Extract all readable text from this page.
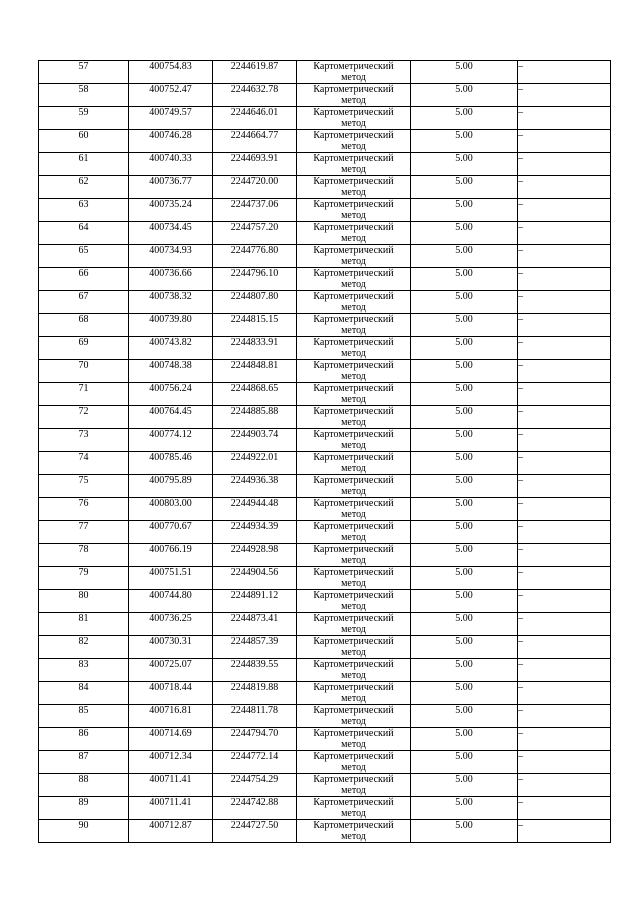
57	400754.83	2244619.87	Картометрический
метод	5.00	–
58	400752.47	2244632.78	Картометрический
метод	5.00	–
59	400749.57	2244646.01	Картометрический
метод	5.00	–
60	400746.28	2244664.77	Картометрический
метод	5.00	–
61	400740.33	2244693.91	Картометрический
метод	5.00	–
62	400736.77	2244720.00	Картометрический
метод	5.00	–
63	400735.24	2244737.06	Картометрический
метод	5.00	–
64	400734.45	2244757.20	Картометрический
метод	5.00	–
65	400734.93	2244776.80	Картометрический
метод	5.00	–
66	400736.66	2244796.10	Картометрический
метод	5.00	–
67	400738.32	2244807.80	Картометрический
метод	5.00	–
68	400739.80	2244815.15	Картометрический
метод	5.00	–
69	400743.82	2244833.91	Картометрический
метод	5.00	–
70	400748.38	2244848.81	Картометрический
метод	5.00	–
71	400756.24	2244868.65	Картометрический
метод	5.00	–
72	400764.45	2244885.88	Картометрический
метод	5.00	–
73	400774.12	2244903.74	Картометрический
метод	5.00	–
74	400785.46	2244922.01	Картометрический
метод	5.00	–
75	400795.89	2244936.38	Картометрический
метод	5.00	–
76	400803.00	2244944.48	Картометрический
метод	5.00	–
77	400770.67	2244934.39	Картометрический
метод	5.00	–
78	400766.19	2244928.98	Картометрический
метод	5.00	–
79	400751.51	2244904.56	Картометрический
метод	5.00	–
80	400744.80	2244891.12	Картометрический
метод	5.00	–
81	400736.25	2244873.41	Картометрический
метод	5.00	–
82	400730.31	2244857.39	Картометрический
метод	5.00	–
83	400725.07	2244839.55	Картометрический
метод	5.00	–
84	400718.44	2244819.88	Картометрический
метод	5.00	–
85	400716.81	2244811.78	Картометрический
метод	5.00	–
86	400714.69	2244794.70	Картометрический
метод	5.00	–
87	400712.34	2244772.14	Картометрический
метод	5.00	–
88	400711.41	2244754.29	Картометрический
метод	5.00	–
89	400711.41	2244742.88	Картометрический
метод	5.00	–
90	400712.87	2244727.50	Картометрический
метод	5.00	–
